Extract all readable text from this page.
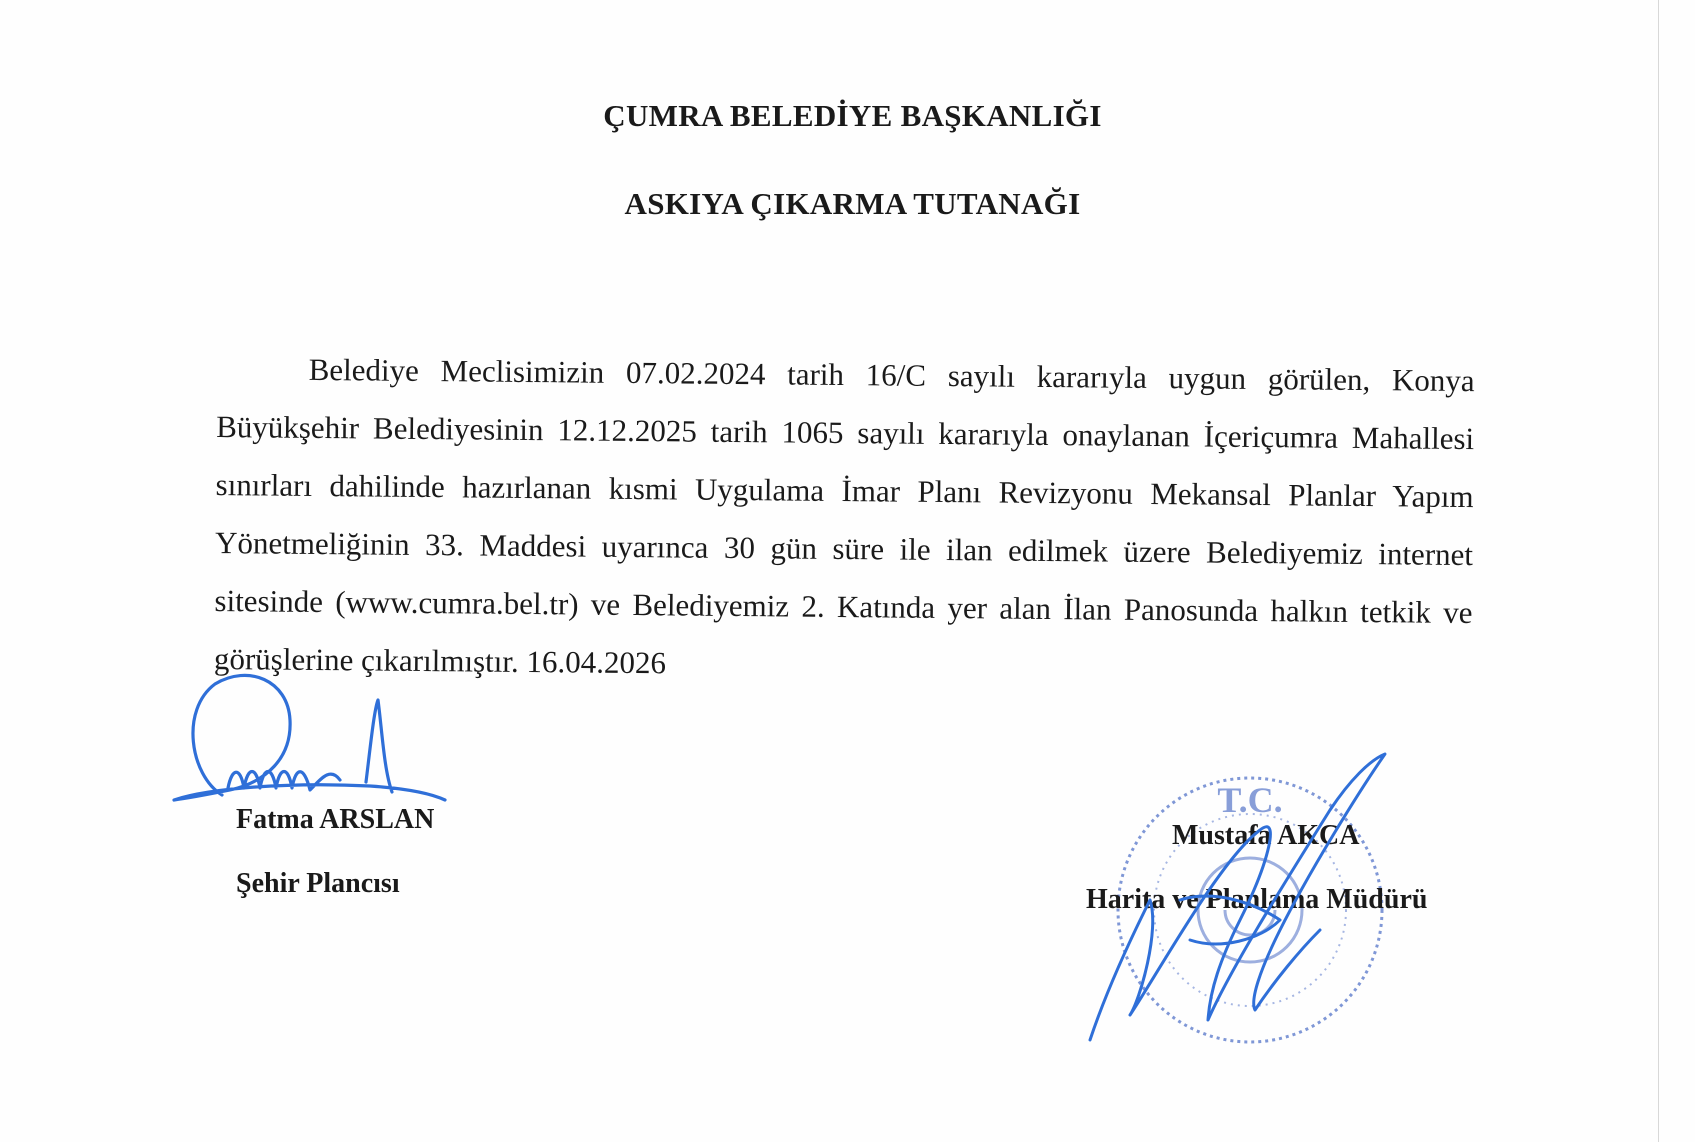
ÇUMRA BELEDİYE BAŞKANLIĞI
ASKIYA ÇIKARMA TUTANAĞI

Belediye Meclisimizin 07.02.2024 tarih 16/C sayılı kararıyla uygun görülen, Konya Büyükşehir Belediyesinin 12.12.2025 tarih 1065 sayılı kararıyla onaylanan İçeriçumra Mahallesi sınırları dahilinde hazırlanan kısmi Uygulama İmar Planı Revizyonu Mekansal Planlar Yapım Yönetmeliğinin 33. Maddesi uyarınca 30 gün süre ile ilan edilmek üzere Belediyemiz internet sitesinde (www.cumra.bel.tr) ve Belediyemiz 2. Katında yer alan İlan Panosunda halkın tetkik ve görüşlerine çıkarılmıştır. 16.04.2026

Fatma ARSLAN
Şehir Plancısı
T.C.
Mustafa AKCA
Harita ve Planlama Müdürü
